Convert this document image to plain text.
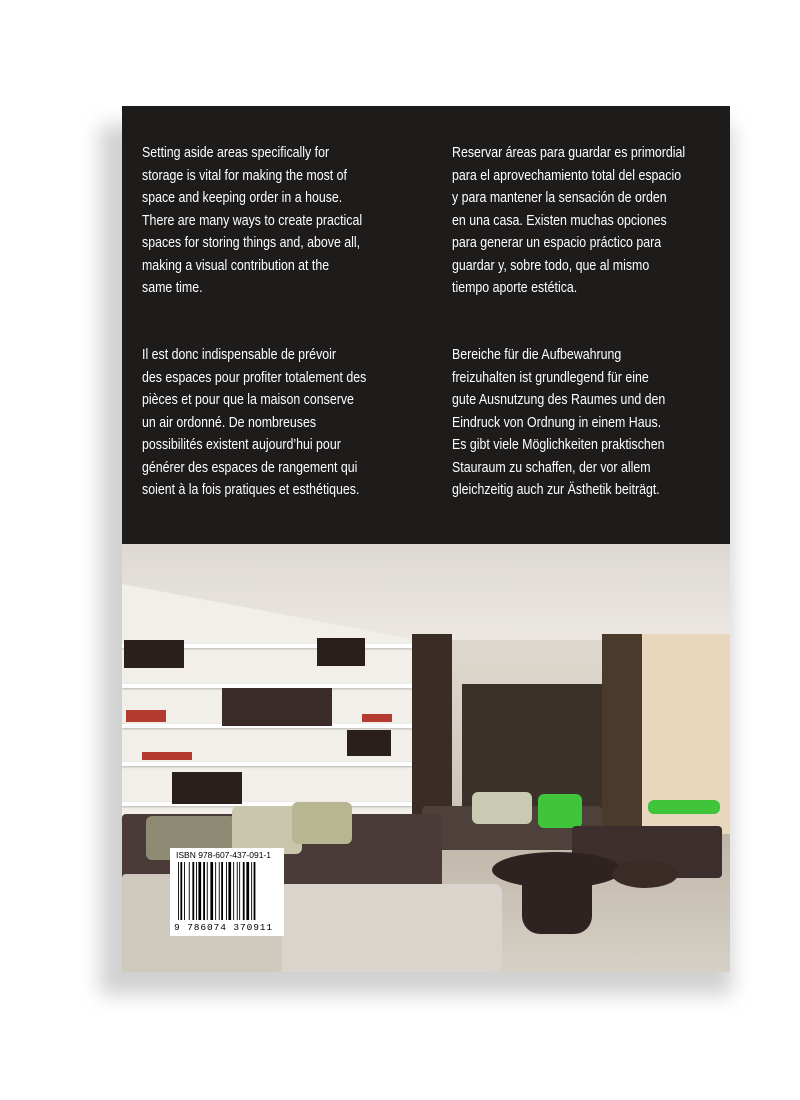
Setting aside areas specifically for
storage is vital for making the most of
space and keeping order in a house.
There are many ways to create practical
spaces for storing things and, above all,
making a visual contribution at the
same time.
Reservar áreas para guardar es primordial
para el aprovechamiento total del espacio
y para mantener la sensación de orden
en una casa. Existen muchas opciones
para generar un espacio práctico para
guardar y, sobre todo, que al mismo
tiempo aporte estética.
Il est donc indispensable de prévoir
des espaces pour profiter totalement des
pièces et pour que la maison conserve
un air ordonné. De nombreuses
possibilités existent aujourd’hui pour
générer des espaces de rangement qui
soient à la fois pratiques et esthétiques.
Bereiche für die Aufbewahrung
freizuhalten ist grundlegend für eine
gute Ausnutzung des Raumes und den
Eindruck von Ordnung in einem Haus.
Es gibt viele Möglichkeiten praktischen
Stauraum zu schaffen, der vor allem
gleichzeitig auch zur Ästhetik beiträgt.
ISBN 978-607-437-091-1
9 786074 370911
